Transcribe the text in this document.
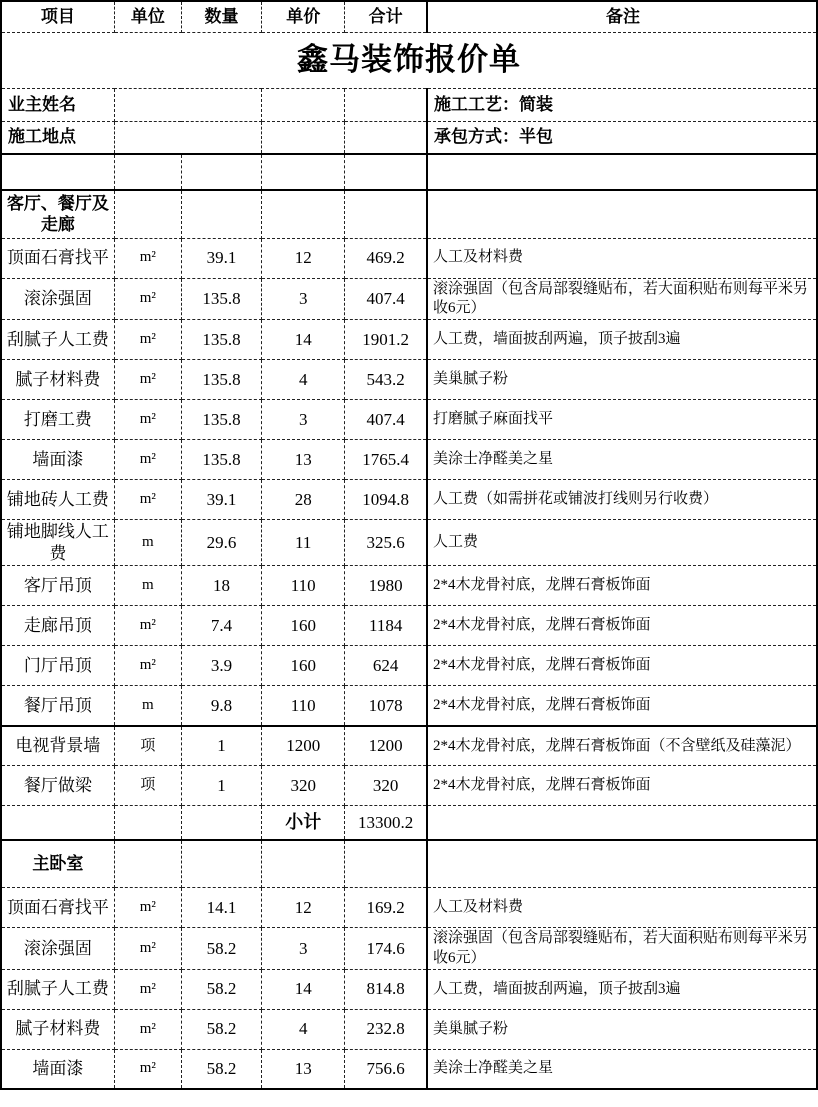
鑫马装饰报价单					
业主姓名					施工工艺：简装
施工地点					承包方式：半包

项目	单位	数量	单价	合计	备注
客厅、餐厅及走廊					
顶面石膏找平	m²	39.1	12	469.2	人工及材料费
滚涂强固	m²	135.8	3	407.4	滚涂强固（包含局部裂缝贴布，若大面积贴布则每平米另收6元）
刮腻子人工费	m²	135.8	14	1901.2	人工费，墙面披刮两遍，顶子披刮3遍
腻子材料费	m²	135.8	4	543.2	美巢腻子粉
打磨工费	m²	135.8	3	407.4	打磨腻子麻面找平
墙面漆	m²	135.8	13	1765.4	美涂士净醛美之星
铺地砖人工费	m²	39.1	28	1094.8	人工费（如需拼花或铺波打线则另行收费）
铺地脚线人工费	m	29.6	11	325.6	人工费
客厅吊顶	m	18	110	1980	2*4木龙骨衬底，龙牌石膏板饰面
走廊吊顶	m²	7.4	160	1184	2*4木龙骨衬底，龙牌石膏板饰面
门厅吊顶	m²	3.9	160	624	2*4木龙骨衬底，龙牌石膏板饰面
餐厅吊顶	m	9.8	110	1078	2*4木龙骨衬底，龙牌石膏板饰面
电视背景墙	项	1	1200	1200	2*4木龙骨衬底，龙牌石膏板饰面（不含壁纸及硅藻泥）
餐厅做梁	项	1	320	320	2*4木龙骨衬底，龙牌石膏板饰面
			小计	13300.2	
主卧室					
顶面石膏找平	m²	14.1	12	169.2	人工及材料费
滚涂强固	m²	58.2	3	174.6	滚涂强固（包含局部裂缝贴布，若大面积贴布则每平米另收6元）
刮腻子人工费	m²	58.2	14	814.8	人工费，墙面披刮两遍，顶子披刮3遍
腻子材料费	m²	58.2	4	232.8	美巢腻子粉
墙面漆	m²	58.2	13	756.6	美涂士净醛美之星
